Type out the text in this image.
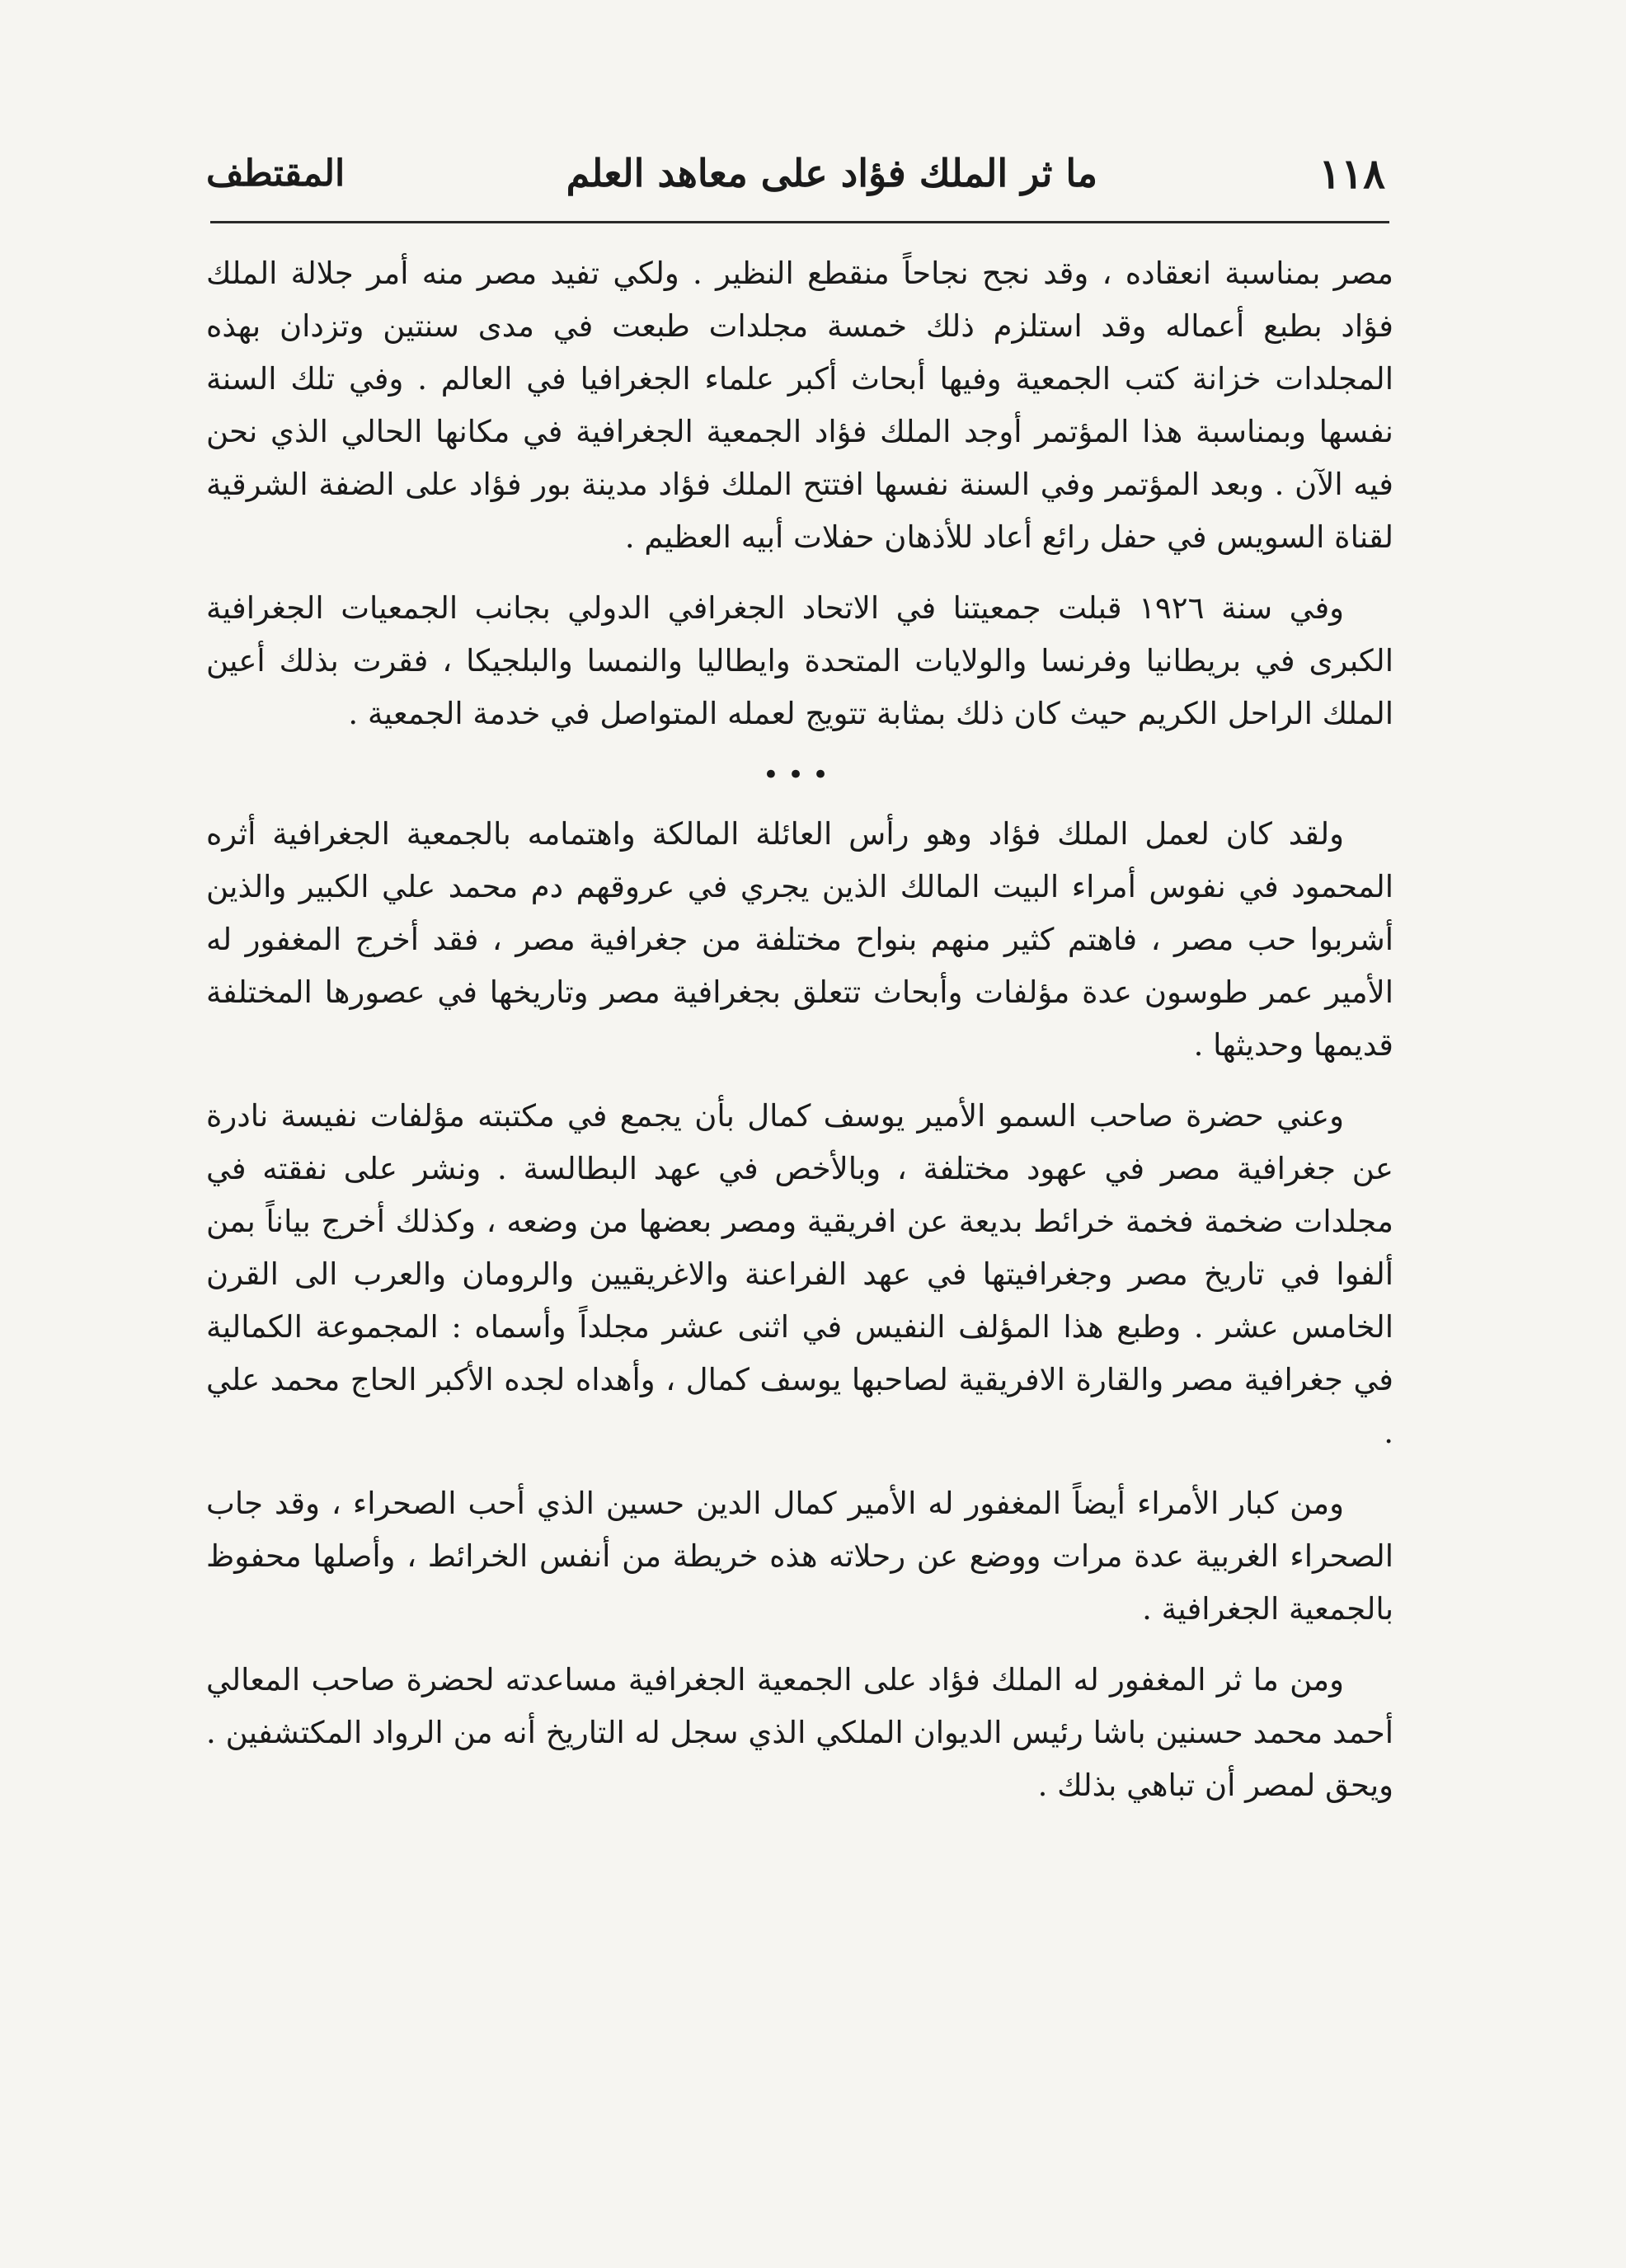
١١٨
ما ثر الملك فؤاد على معاهد العلم
المقتطف

مصر بمناسبة انعقاده ، وقد نجح نجاحاً منقطع النظير . ولكي تفيد مصر منه أمر جلالة الملك فؤاد بطبع أعماله وقد استلزم ذلك خمسة مجلدات طبعت في مدى سنتين وتزدان بهذه المجلدات خزانة كتب الجمعية وفيها أبحاث أكبر علماء الجغرافيا في العالم . وفي تلك السنة نفسها وبمناسبة هذا المؤتمر أوجد الملك فؤاد الجمعية الجغرافية في مكانها الحالي الذي نحن فيه الآن . وبعد المؤتمر وفي السنة نفسها افتتح الملك فؤاد مدينة بور فؤاد على الضفة الشرقية لقناة السويس في حفل رائع أعاد للأذهان حفلات أبيه العظيم .

وفي سنة ١٩٢٦ قبلت جمعيتنا في الاتحاد الجغرافي الدولي بجانب الجمعيات الجغرافية الكبرى في بريطانيا وفرنسا والولايات المتحدة وايطاليا والنمسا والبلجيكا ، فقرت بذلك أعين الملك الراحل الكريم حيث كان ذلك بمثابة تتويج لعمله المتواصل في خدمة الجمعية .

•••

ولقد كان لعمل الملك فؤاد وهو رأس العائلة المالكة واهتمامه بالجمعية الجغرافية أثره المحمود في نفوس أمراء البيت المالك الذين يجري في عروقهم دم محمد علي الكبير والذين أشربوا حب مصر ، فاهتم كثير منهم بنواح مختلفة من جغرافية مصر ، فقد أخرج المغفور له الأمير عمر طوسون عدة مؤلفات وأبحاث تتعلق بجغرافية مصر وتاريخها في عصورها المختلفة قديمها وحديثها .

وعني حضرة صاحب السمو الأمير يوسف كمال بأن يجمع في مكتبته مؤلفات نفيسة نادرة عن جغرافية مصر في عهود مختلفة ، وبالأخص في عهد البطالسة . ونشر على نفقته في مجلدات ضخمة فخمة خرائط بديعة عن افريقية ومصر بعضها من وضعه ، وكذلك أخرج بياناً بمن ألفوا في تاريخ مصر وجغرافيتها في عهد الفراعنة والاغريقيين والرومان والعرب الى القرن الخامس عشر . وطبع هذا المؤلف النفيس في اثنى عشر مجلداً وأسماه : المجموعة الكمالية في جغرافية مصر والقارة الافريقية لصاحبها يوسف كمال ، وأهداه لجده الأكبر الحاج محمد علي .

ومن كبار الأمراء أيضاً المغفور له الأمير كمال الدين حسين الذي أحب الصحراء ، وقد جاب الصحراء الغربية عدة مرات ووضع عن رحلاته هذه خريطة من أنفس الخرائط ، وأصلها محفوظ بالجمعية الجغرافية .

ومن ما ثر المغفور له الملك فؤاد على الجمعية الجغرافية مساعدته لحضرة صاحب المعالي أحمد محمد حسنين باشا رئيس الديوان الملكي الذي سجل له التاريخ أنه من الرواد المكتشفين . ويحق لمصر أن تباهي بذلك .
